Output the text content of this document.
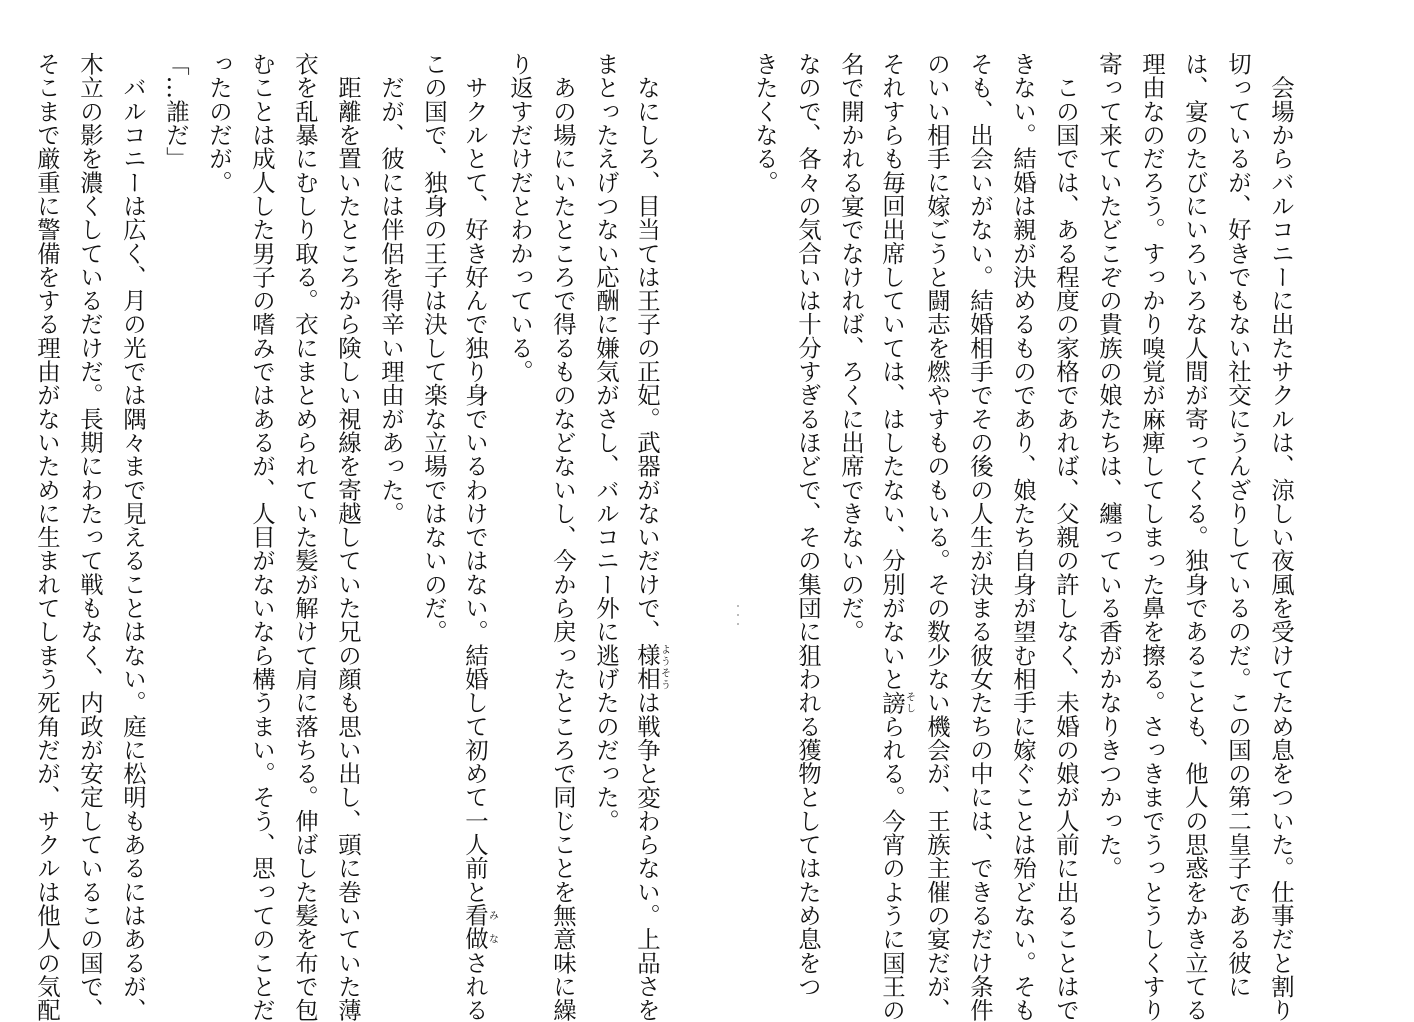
　会場からバルコニーに出たサクルは、涼しい夜風を受けてため息をついた。仕事だと割り
切っているが、好きでもない社交にうんざりしているのだ。この国の第二皇子である彼に
は、宴のたびにいろいろな人間が寄ってくる。独身であることも、他人の思惑をかき立てる
理由なのだろう。すっかり嗅覚が麻痺してしまった鼻を擦る。さっきまでうっとうしくすり
寄って来ていたどこぞの貴族の娘たちは、纏っている香がかなりきつかった。
　この国では、ある程度の家格であれば、父親の許しなく、未婚の娘が人前に出ることはで
きない。結婚は親が決めるものであり、娘たち自身が望む相手に嫁ぐことは殆どない。そも
そも、出会いがない。結婚相手でその後の人生が決まる彼女たちの中には、できるだけ条件
のいい相手に嫁ごうと闘志を燃やすものもいる。その数少ない機会が、王族主催の宴だが、
それすらも毎回出席していては、はしたない、分別がないと謗そしられる。今宵のように国王の
名で開かれる宴でなければ、ろくに出席できないのだ。
なので、各々の気合いは十分すぎるほどで、その集団に狙われる獲物としてはため息をつ
きたくなる。
　なにしろ、目当ては王子の正妃。武器がないだけで、様相ようそうは戦争と変わらない。上品さを
まとったえげつない応酬に嫌気がさし、バルコニー外に逃げたのだった。
　あの場にいたところで得るものなどないし、今から戻ったところで同じことを無意味に繰
り返すだけだとわかっている。
　サクルとて、好き好んで独り身でいるわけではない。結婚して初めて一人前と看做みなされる
この国で、独身の王子は決して楽な立場ではないのだ。
　だが、彼には伴侶を得辛い理由があった。
　距離を置いたところから険しい視線を寄越していた兄の顔も思い出し、頭に巻いていた薄
衣を乱暴にむしり取る。衣にまとめられていた髪が解けて肩に落ちる。伸ばした髪を布で包
むことは成人した男子の嗜みではあるが、人目がないなら構うまい。そう、思ってのことだ
ったのだが。
「…誰だ」
　バルコニーは広く、月の光では隅々まで見えることはない。庭に松明もあるにはあるが、
木立の影を濃くしているだけだ。長期にわたって戦もなく、内政が安定しているこの国で、
そこまで厳重に警備をする理由がないために生まれてしまう死角だが、サクルは他人の気配
